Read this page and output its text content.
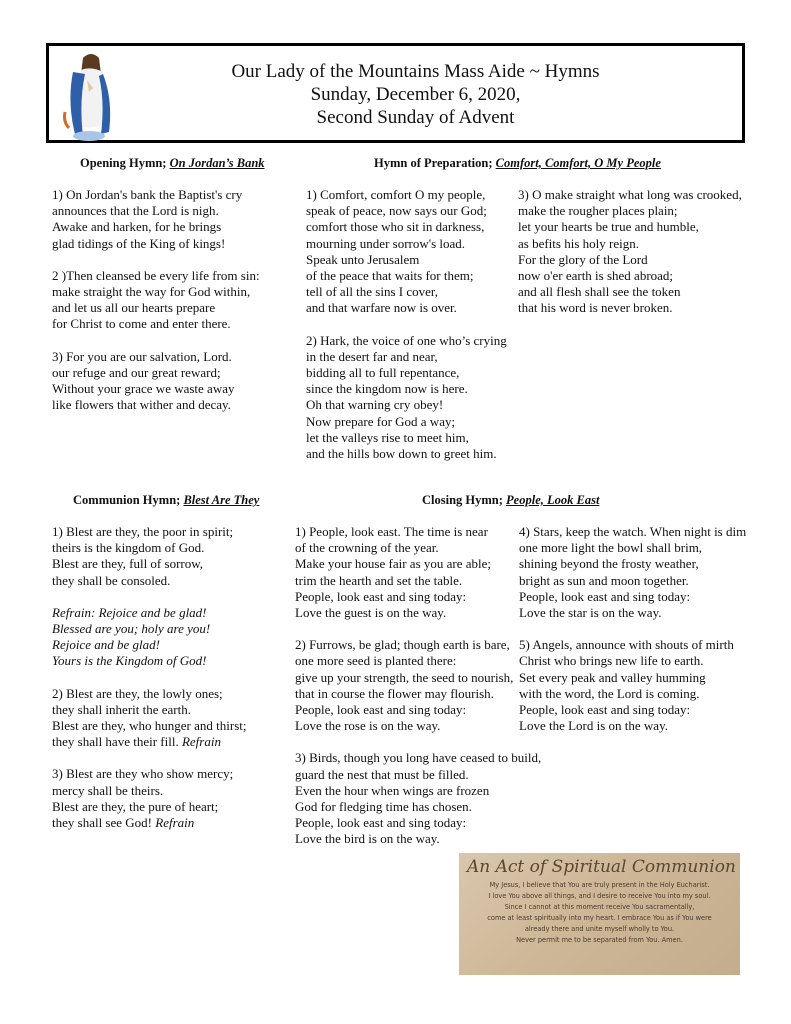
Our Lady of the Mountains Mass Aide ~ Hymns
Sunday, December 6, 2020,
Second Sunday of Advent
Opening Hymn; On Jordan’s Bank
1) On Jordan's bank the Baptist's cry
announces that the Lord is nigh.
Awake and harken, for he brings
glad tidings of the King of kings!
2 )Then cleansed be every life from sin:
make straight the way for God within,
and let us all our hearts prepare
for Christ to come and enter there.
3) For you are our salvation, Lord.
our refuge and our great reward;
Without your grace we waste away
like flowers that wither and decay.
Hymn of Preparation; Comfort, Comfort, O My People
1) Comfort, comfort O my people,
speak of peace, now says our God;
comfort those who sit in darkness,
mourning under sorrow's load.
Speak unto Jerusalem
of the peace that waits for them;
tell of all the sins I cover,
and that warfare now is over.
2) Hark, the voice of one who’s crying
in the desert far and near,
bidding all to full repentance,
since the kingdom now is here.
Oh that warning cry obey!
Now prepare for God a way;
let the valleys rise to meet him,
and the hills bow down to greet him.
3) O make straight what long was crooked,
make the rougher places plain;
let your hearts be true and humble,
as befits his holy reign.
For the glory of the Lord
now o'er earth is shed abroad;
and all flesh shall see the token
that his word is never broken.
Communion Hymn; Blest Are They
1) Blest are they, the poor in spirit;
theirs is the kingdom of God.
Blest are they, full of sorrow,
they shall be consoled.
Refrain: Rejoice and be glad!
Blessed are you; holy are you!
Rejoice and be glad!
Yours is the Kingdom of God!
2) Blest are they, the lowly ones;
they shall inherit the earth.
Blest are they, who hunger and thirst;
they shall have their fill. Refrain
3) Blest are they who show mercy;
mercy shall be theirs.
Blest are they, the pure of heart;
they shall see God! Refrain
Closing Hymn; People, Look East
1) People, look east. The time is near
of the crowning of the year.
Make your house fair as you are able;
trim the hearth and set the table.
People, look east and sing today:
Love the guest is on the way.
2) Furrows, be glad; though earth is bare,
one more seed is planted there:
give up your strength, the seed to nourish,
that in course the flower may flourish.
People, look east and sing today:
Love the rose is on the way.
3) Birds, though you long have ceased to build,
guard the nest that must be filled.
Even the hour when wings are frozen
God for fledging time has chosen.
People, look east and sing today:
Love the bird is on the way.
4) Stars, keep the watch. When night is dim
one more light the bowl shall brim,
shining beyond the frosty weather,
bright as sun and moon together.
People, look east and sing today:
Love the star is on the way.
5) Angels, announce with shouts of mirth
Christ who brings new life to earth.
Set every peak and valley humming
with the word, the Lord is coming.
People, look east and sing today:
Love the Lord is on the way.
An Act of Spiritual Communion
My Jesus, I believe that You are truly present in the Holy Eucharist.
I love You above all things, and I desire to receive You into my soul.
Since I cannot at this moment receive You sacramentally,
come at least spiritually into my heart. I embrace You as if You were
already there and unite myself wholly to You.
Never permit me to be separated from You. Amen.
